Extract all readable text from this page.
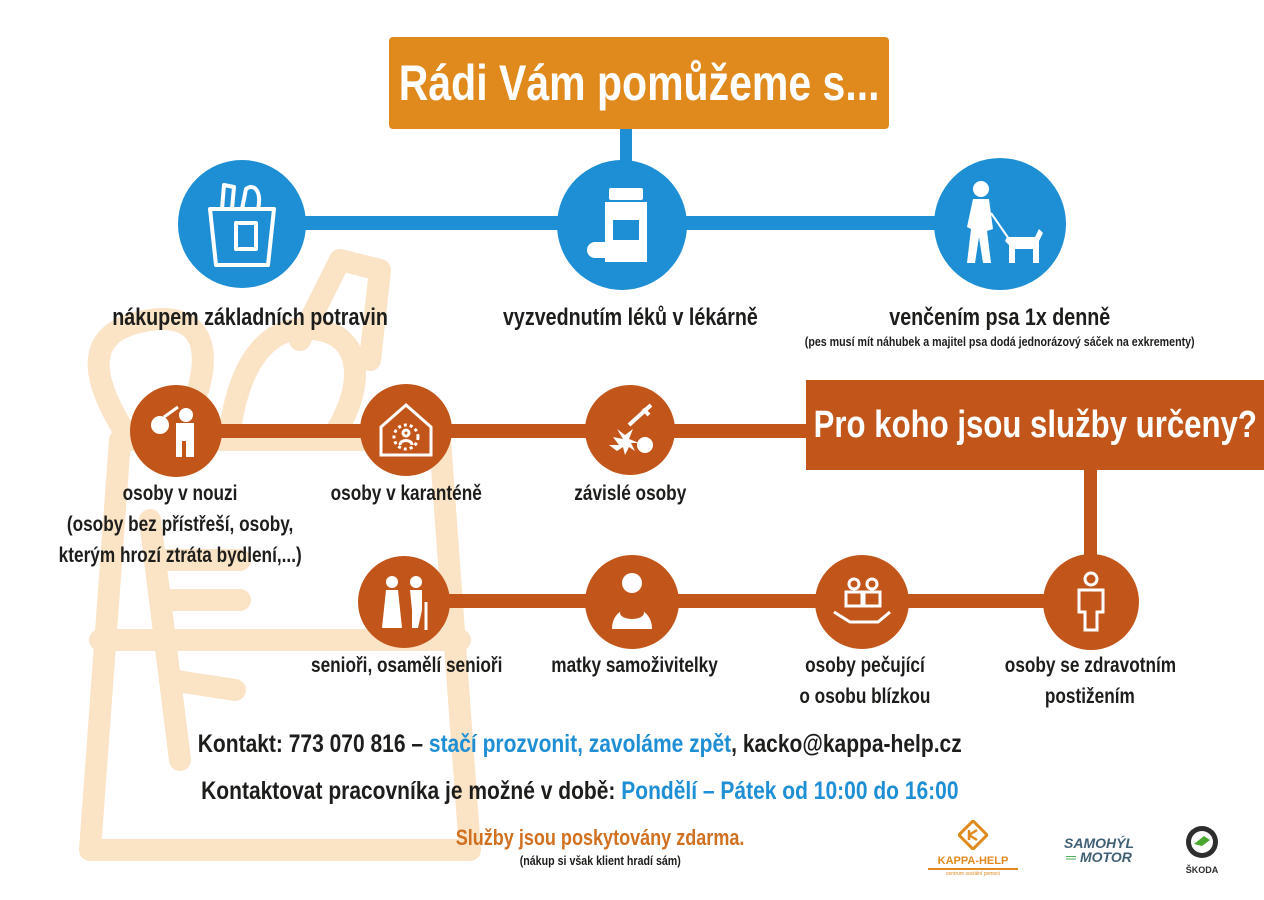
Rádi Vám pomůžeme s...
nákupem základních potravin	vyzvednutím léků v lékárně	venčením psa 1x denně
(pes musí mít náhubek a majitel psa dodá jednorázový sáček na exkrementy)
Pro koho jsou služby určeny?
osoby v nouzi
(osoby bez přístřeší, osoby,
kterým hrozí ztráta bydlení,...)
osoby v karanténě	závislé osoby
senioři, osamělí senioři	matky samoživitelky	osoby pečující
o osobu blízkou
osoby se zdravotním
postižením
Kontakt: 773 070 816 – stačí prozvonit, zavoláme zpět, kacko@kappa-help.cz
Kontaktovat pracovníka je možné v době: Pondělí – Pátek od 10:00 do 16:00
Služby jsou poskytovány zdarma.
(nákup si však klient hradí sám)	KAPPA-HELP
centrum sociální pomoci
SAMOHÝL
═ MOTOR
ŠKODA
